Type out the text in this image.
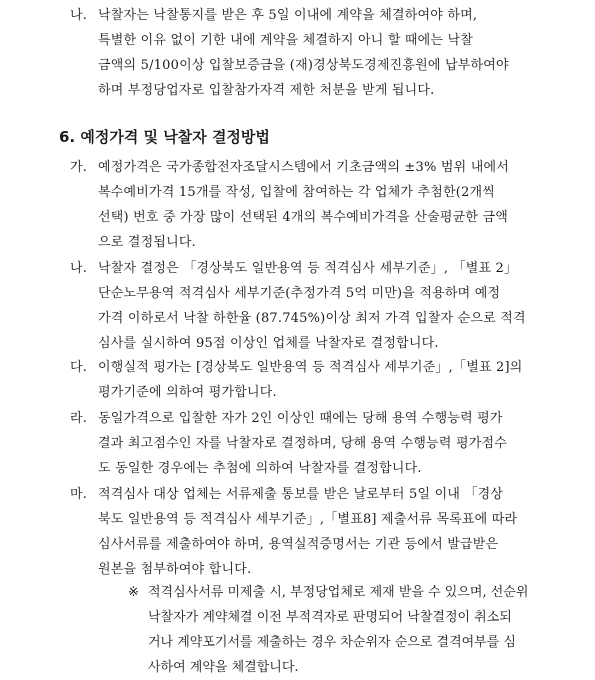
나. 낙찰자는 낙찰통지를 받은 후 5일 이내에 계약을 체결하여야 하며,
특별한 이유 없이 기한 내에 계약을 체결하지 아니 할 때에는 낙찰
금액의 5/100이상 입찰보증금을 (재)경상북도경제진흥원에 납부하여야
하며 부정당업자로 입찰참가자격 제한 처분을 받게 됩니다.
6. 예정가격 및 낙찰자 결정방법
가. 예정가격은 국가종합전자조달시스템에서 기초금액의 ±3% 범위 내에서
복수예비가격 15개를 작성, 입찰에 참여하는 각 업체가 추첨한(2개씩
선택) 번호 중 가장 많이 선택된 4개의 복수예비가격을 산술평균한 금액
으로 결정됩니다.
나. 낙찰자 결정은 「경상북도 일반용역 등 적격심사 세부기준」, 「별표 2」
단순노무용역 적격심사 세부기준(추정가격 5억 미만)을 적용하며 예정
가격 이하로서 낙찰 하한율 (87.745%)이상 최저 가격 입찰자 순으로 적격
심사를 실시하여 95점 이상인 업체를 낙찰자로 결정합니다.
다. 이행실적 평가는 [경상북도 일반용역 등 적격심사 세부기준」,「별표 2]의
평가기준에 의하여 평가합니다.
라. 동일가격으로 입찰한 자가 2인 이상인 때에는 당해 용역 수행능력 평가
결과 최고점수인 자를 낙찰자로 결정하며, 당해 용역 수행능력 평가점수
도 동일한 경우에는 추첨에 의하여 낙찰자를 결정합니다.
마. 적격심사 대상 업체는 서류제출 통보를 받은 날로부터 5일 이내 「경상
북도 일반용역 등 적격심사 세부기준」,「별표8] 제출서류 목록표에 따라
심사서류를 제출하여야 하며, 용역실적증명서는 기관 등에서 발급받은
원본을 첨부하여야 합니다.
※ 적격심사서류 미제출 시, 부정당업체로 제재 받을 수 있으며, 선순위
낙찰자가 계약체결 이전 부적격자로 판명되어 낙찰결정이 취소되
거나 계약포기서를 제출하는 경우 차순위자 순으로 결격여부를 심
사하여 계약을 체결합니다.
